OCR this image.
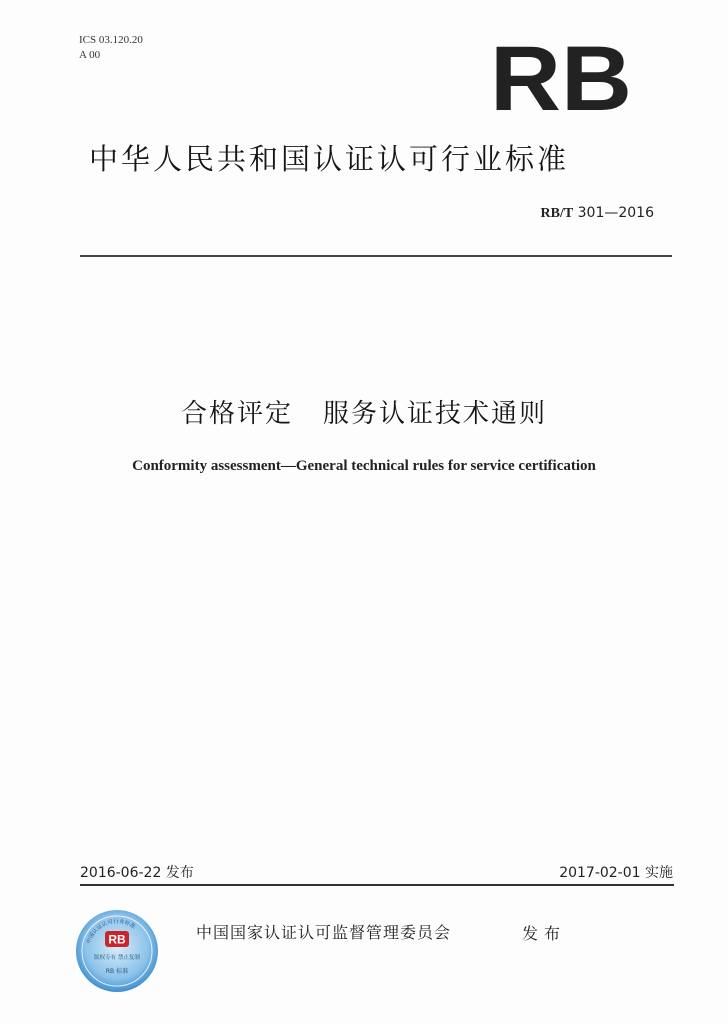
ICS 03.120.20
A 00	RB
中华人民共和国认证认可行业标准
RB/T 301—2016
合格评定 服务认证技术通则
Conformity assessment—General technical rules for service certification
2016-06-22 发布	2017-02-01 实施
中国认证认可行业标准
RB
版权专有 禁止复制
RB 标准
中国国家认证认可监督管理委员会	发布
